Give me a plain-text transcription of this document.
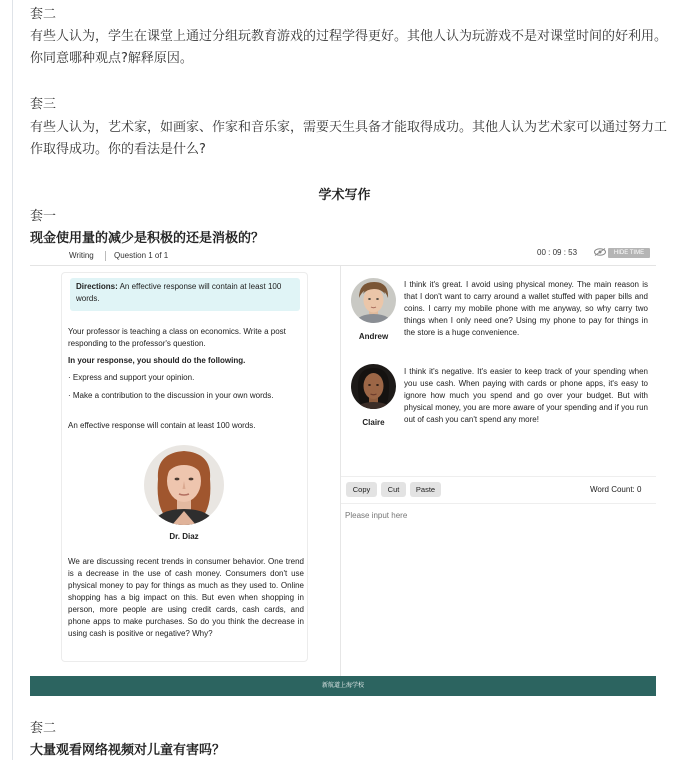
套二
有些人认为，学生在课堂上通过分组玩教育游戏的过程学得更好。其他人认为玩游戏不是对课堂时间的好利用。你同意哪种观点?解释原因。
套三
有些人认为，艺术家，如画家、作家和音乐家，需要天生具备才能取得成功。其他人认为艺术家可以通过努力工作取得成功。你的看法是什么?
学术写作
套一
现金使用量的减少是积极的还是消极的？
Writing	Question 1 of 1	00 : 09 : 53	HIDE TIME
Directions: An effective response will contain at least 100 words.
Your professor is teaching a class on economics. Write a post responding to the professor's question.
In your response, you should do the following.
· Express and support your opinion.
· Make a contribution to the discussion in your own words.
An effective response will contain at least 100 words.
Dr. Diaz
We are discussing recent trends in consumer behavior. One trend is a decrease in the use of cash money. Consumers don't use physical money to pay for things as much as they used to. Online shopping has a big impact on this. But even when shopping in person, more people are using credit cards, cash cards, and phone apps to make purchases. So do you think the decrease in using cash is positive or negative? Why?
Andrew
I think it's great. I avoid using physical money. The main reason is that I don't want to carry around a wallet stuffed with paper bills and coins. I carry my mobile phone with me anyway, so why carry two things when I only need one? Using my phone to pay for things in the store is a huge convenience.
Claire
I think it's negative. It's easier to keep track of your spending when you use cash. When paying with cards or phone apps, it's easy to ignore how much you spend and go over your budget. But with physical money, you are more aware of your spending and if you run out of cash you can't spend any more!
Copy	Cut	Paste	Word Count: 0
Please input here
新航道上海学校
套二
大量观看网络视频对儿童有害吗？
